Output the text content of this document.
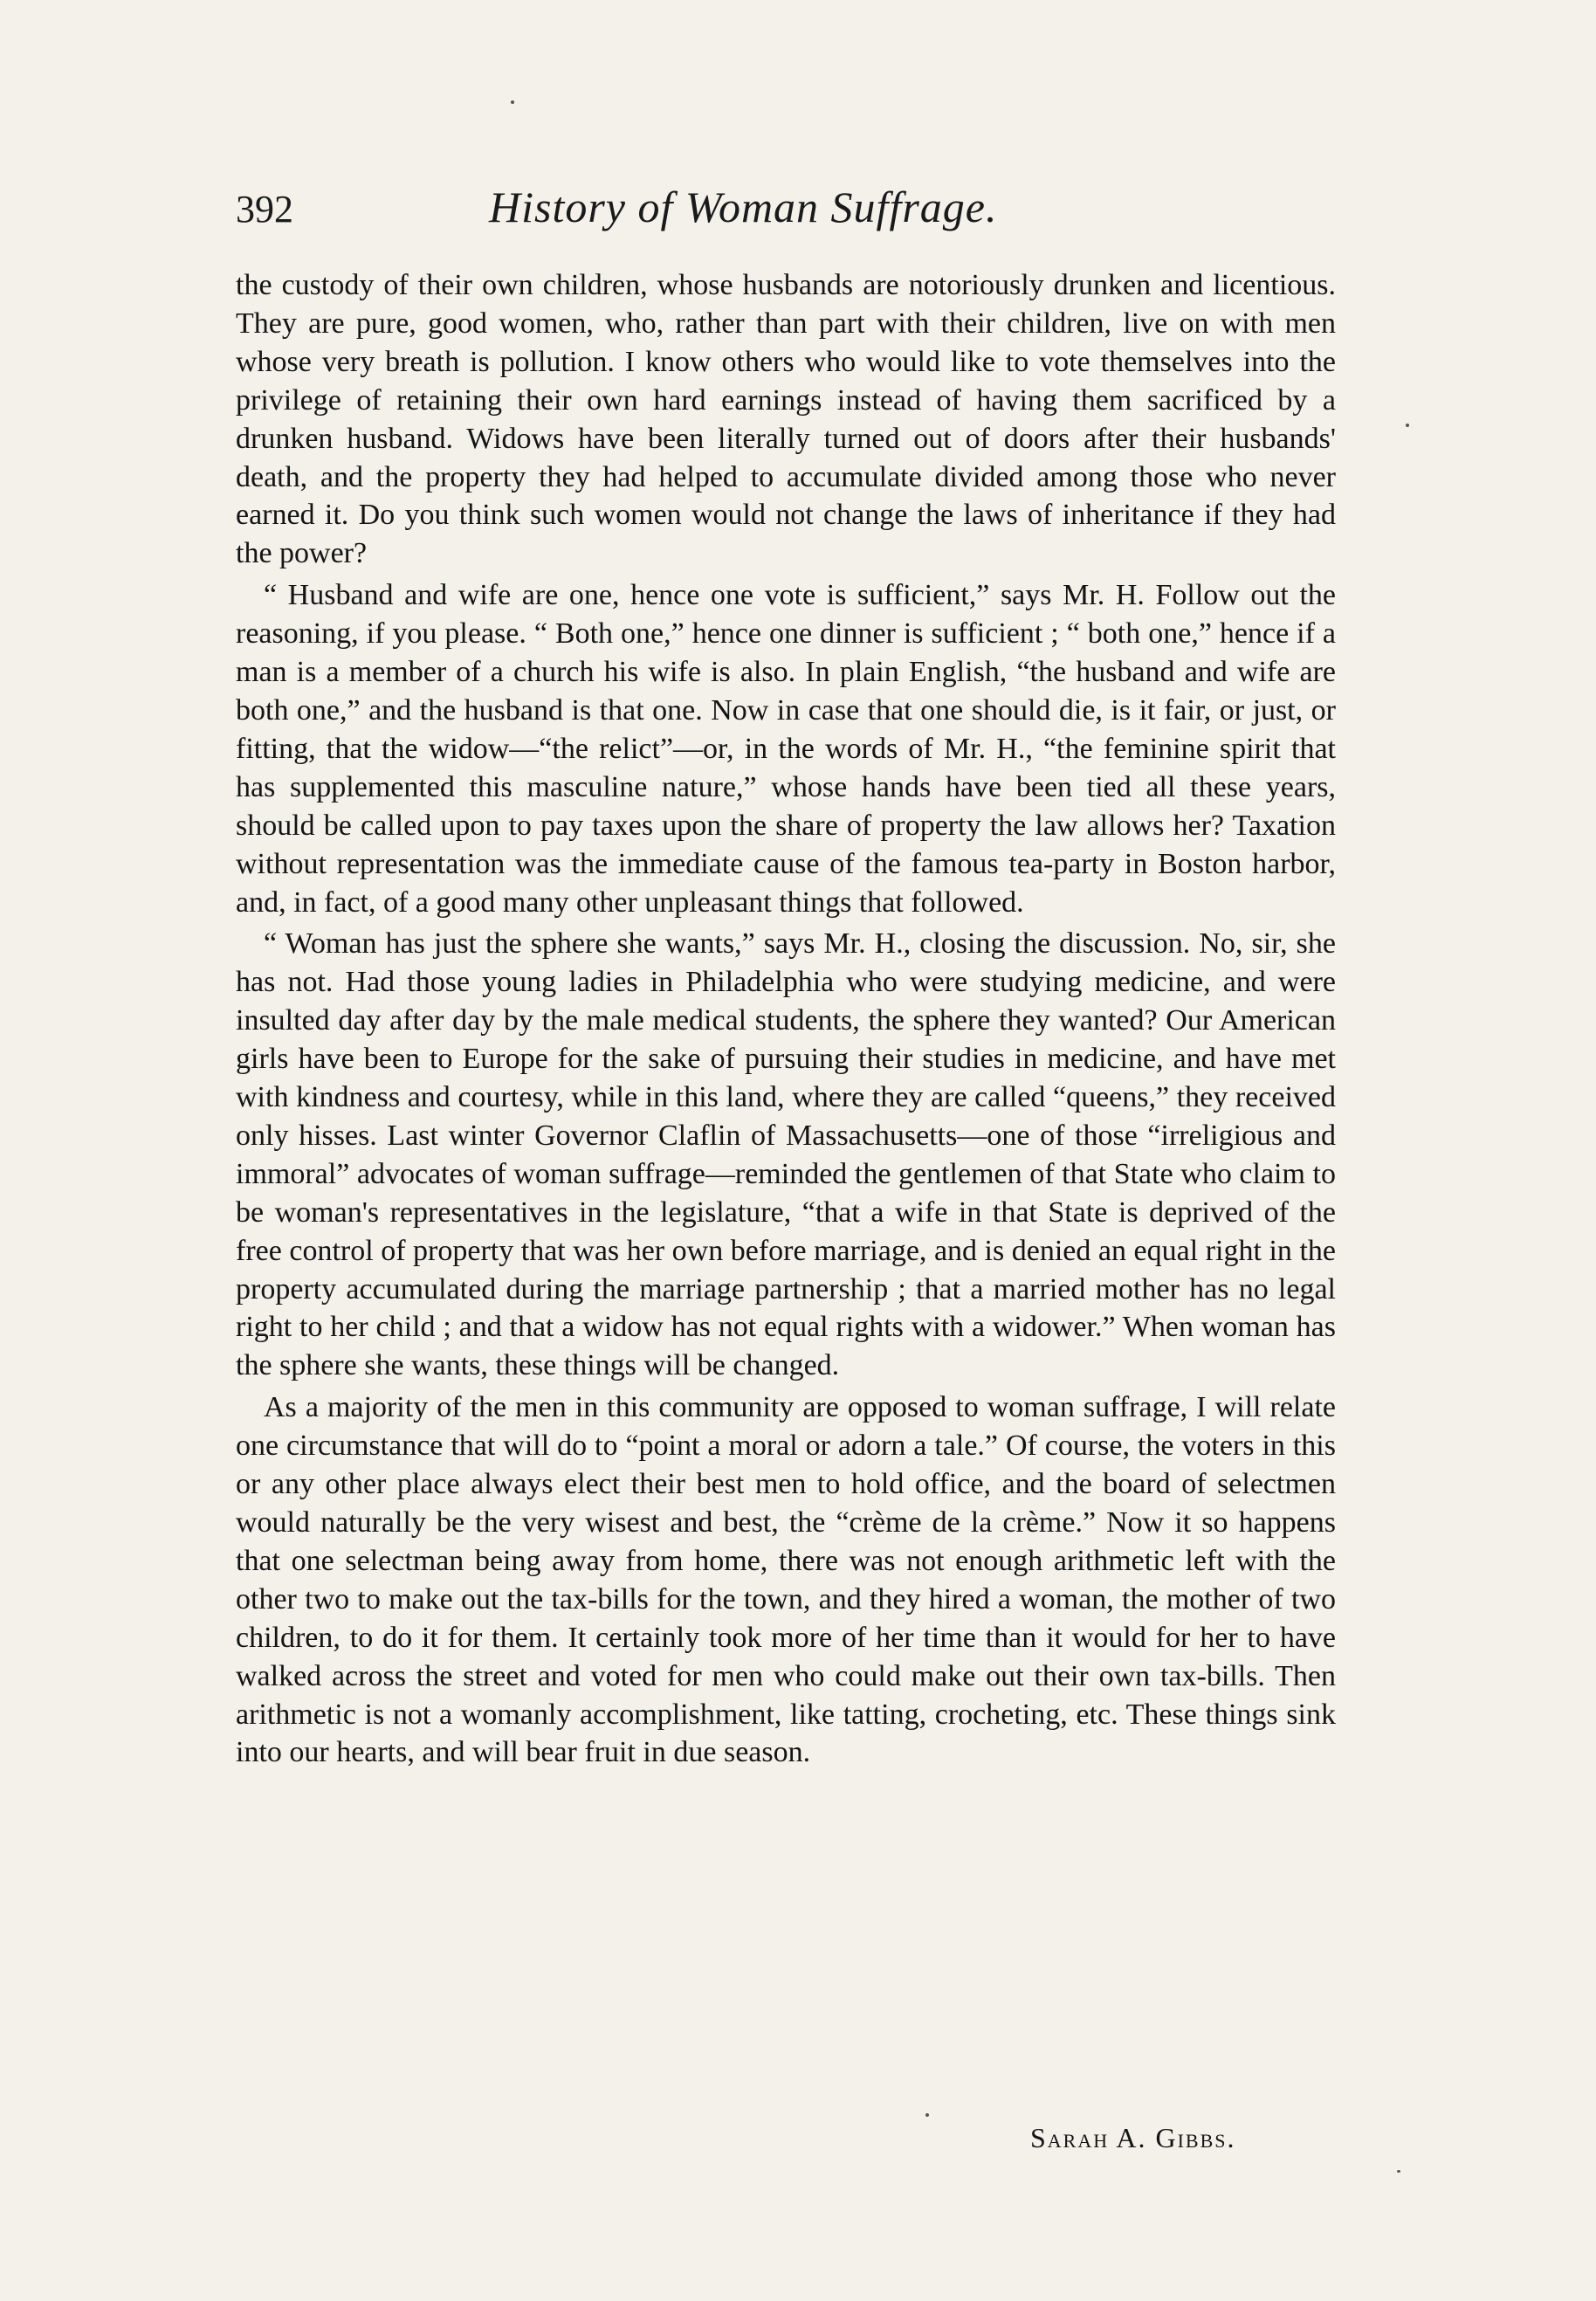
392	History of Woman Suffrage.

the custody of their own children, whose husbands are notoriously drunken and licentious. They are pure, good women, who, rather than part with their children, live on with men whose very breath is pollution. I know others who would like to vote themselves into the privilege of retaining their own hard earnings instead of having them sacrificed by a drunken husband. Widows have been literally turned out of doors after their husbands' death, and the property they had helped to accumulate divided among those who never earned it. Do you think such women would not change the laws of inheritance if they had the power?

“ Husband and wife are one, hence one vote is sufficient,” says Mr. H. Follow out the reasoning, if you please. “ Both one,” hence one dinner is sufficient ; “ both one,” hence if a man is a member of a church his wife is also. In plain English, “the husband and wife are both one,” and the husband is that one. Now in case that one should die, is it fair, or just, or fitting, that the widow—“the relict”—or, in the words of Mr. H., “the feminine spirit that has supplemented this masculine nature,” whose hands have been tied all these years, should be called upon to pay taxes upon the share of property the law allows her? Taxation without representation was the immediate cause of the famous tea-party in Boston harbor, and, in fact, of a good many other unpleasant things that followed.

“ Woman has just the sphere she wants,” says Mr. H., closing the discussion. No, sir, she has not. Had those young ladies in Philadelphia who were studying medicine, and were insulted day after day by the male medical students, the sphere they wanted? Our American girls have been to Europe for the sake of pursuing their studies in medicine, and have met with kindness and courtesy, while in this land, where they are called “queens,” they received only hisses. Last winter Governor Claflin of Massachusetts—one of those “irreligious and immoral” advocates of woman suffrage—reminded the gentlemen of that State who claim to be woman's representatives in the legislature, “that a wife in that State is deprived of the free control of property that was her own before marriage, and is denied an equal right in the property accumulated during the marriage partnership ; that a married mother has no legal right to her child ; and that a widow has not equal rights with a widower.” When woman has the sphere she wants, these things will be changed.

As a majority of the men in this community are opposed to woman suffrage, I will relate one circumstance that will do to “point a moral or adorn a tale.” Of course, the voters in this or any other place always elect their best men to hold office, and the board of selectmen would naturally be the very wisest and best, the “crème de la crème.” Now it so happens that one selectman being away from home, there was not enough arithmetic left with the other two to make out the tax-bills for the town, and they hired a woman, the mother of two children, to do it for them. It certainly took more of her time than it would for her to have walked across the street and voted for men who could make out their own tax-bills. Then arithmetic is not a womanly accomplishment, like tatting, crocheting, etc. These things sink into our hearts, and will bear fruit in due season.

Sarah A. Gibbs.
